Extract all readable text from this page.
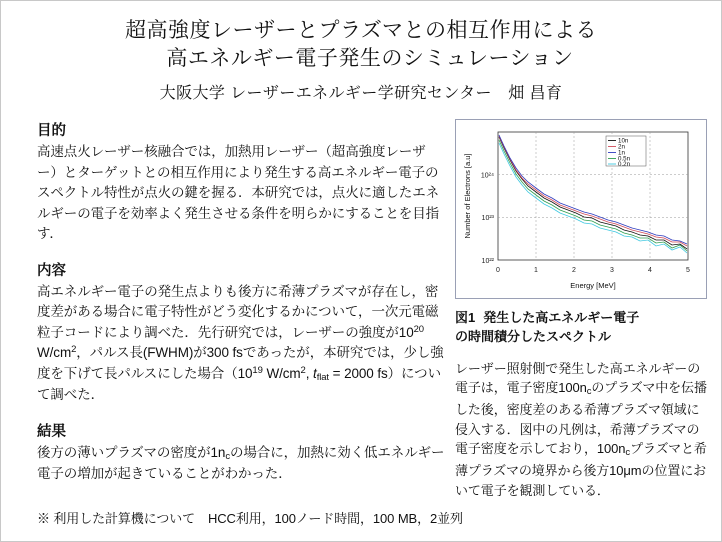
超高強度レーザーとプラズマとの相互作用による
高エネルギー電子発生のシミュレーション
大阪大学 レーザーエネルギー学研究センター　畑 昌育
目的

高速点火レーザー核融合では，加熱用レーザー（超高強度レーザー）とターゲットとの相互作用により発生する高エネルギー電子のスペクトル特性が点火の鍵を握る．本研究では，点火に適したエネルギーの電子を効率よく発生させる条件を明らかにすることを目指す．

内容

高エネルギー電子の発生点よりも後方に希薄プラズマが存在し，密度差がある場合に電子特性がどう変化するかについて，一次元電磁粒子コードにより調べた．先行研究では，レーザーの強度が$10^{20}$ $W/cm^2$，パルス長(FWHM)が300 fsであったが，本研究では，少し強度を下げて長パルスにした場合（$10^{19}$ $W/cm^2$, $t_{flat} = 2000$ fs）について調べた．

結果

後方の薄いプラズマの密度が$1n_c$の場合に，加熱に効く低エネルギー電子の増加が起きていることがわかった．

10²²
10²³
10²⁴
0	1	2	3	4	5
Energy [MeV]
Number of Electrons [a.u]
10n
2n
1n
0.5n
0.2n
図1 発生した高エネルギー電子
の時間積分したスペクトル

レーザー照射側で発生した高エネルギーの電子は，電子密度$100n_c$のプラズマ中を伝播した後，密度差のある希薄プラズマ領域に侵入する．図中の凡例は，希薄プラズマの電子密度を示しており，$100n_c$プラズマと希薄プラズマの境界から後方10μmの位置において電子を観測している．

※ 利用した計算機について　HCC利用，100ノード時間，100 MB，2並列
